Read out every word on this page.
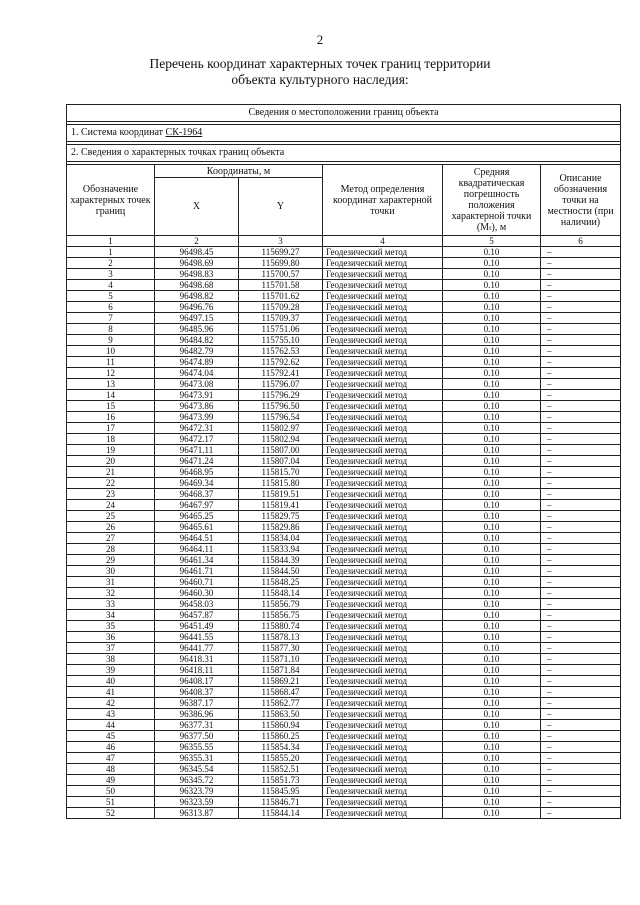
2
Перечень координат характерных точек границ территории
объекта культурного наследия:
Сведения о местоположении границ объекта					

1. Система координат СК-1964					

2. Сведения о характерных точках границ объекта					

Обозначение характерных точек границ	Координаты, м		Метод определения координат характерной точки	Средняя квадратическая погрешность положения характерной точки (Mₜ), м	Описание обозначения точки на местности (при наличии)
	X	Y			
1	2	3	4	5	6
1	96498.45	115699.27	Геодезический метод	0.10	–
2	96498.69	115699.80	Геодезический метод	0.10	–
3	96498.83	115700.57	Геодезический метод	0.10	–
4	96498.68	115701.58	Геодезический метод	0.10	–
5	96498.82	115701.62	Геодезический метод	0.10	–
6	96496.76	115709.28	Геодезический метод	0.10	–
7	96497.15	115709.37	Геодезический метод	0.10	–
8	96485.96	115751.06	Геодезический метод	0.10	–
9	96484.82	115755.10	Геодезический метод	0.10	–
10	96482.79	115762.53	Геодезический метод	0.10	–
11	96474.89	115792.62	Геодезический метод	0.10	–
12	96474.04	115792.41	Геодезический метод	0.10	–
13	96473.08	115796.07	Геодезический метод	0.10	–
14	96473.91	115796.29	Геодезический метод	0.10	–
15	96473.86	115796.50	Геодезический метод	0.10	–
16	96473.99	115796.54	Геодезический метод	0.10	–
17	96472.31	115802.97	Геодезический метод	0.10	–
18	96472.17	115802.94	Геодезический метод	0.10	–
19	96471.11	115807.00	Геодезический метод	0.10	–
20	96471.24	115807.04	Геодезический метод	0.10	–
21	96468.95	115815.70	Геодезический метод	0.10	–
22	96469.34	115815.80	Геодезический метод	0.10	–
23	96468.37	115819.51	Геодезический метод	0.10	–
24	96467.97	115819.41	Геодезический метод	0.10	–
25	96465.25	115829.75	Геодезический метод	0.10	–
26	96465.61	115829.86	Геодезический метод	0.10	–
27	96464.51	115834.04	Геодезический метод	0.10	–
28	96464.11	115833.94	Геодезический метод	0.10	–
29	96461.34	115844.39	Геодезический метод	0.10	–
30	96461.71	115844.50	Геодезический метод	0.10	–
31	96460.71	115848.25	Геодезический метод	0.10	–
32	96460.30	115848.14	Геодезический метод	0.10	–
33	96458.03	115856.79	Геодезический метод	0.10	–
34	96457.87	115856.75	Геодезический метод	0.10	–
35	96451.49	115880.74	Геодезический метод	0.10	–
36	96441.55	115878.13	Геодезический метод	0.10	–
37	96441.77	115877.30	Геодезический метод	0.10	–
38	96418.31	115871.10	Геодезический метод	0.10	–
39	96418.11	115871.84	Геодезический метод	0.10	–
40	96408.17	115869.21	Геодезический метод	0.10	–
41	96408.37	115868.47	Геодезический метод	0.10	–
42	96387.17	115862.77	Геодезический метод	0.10	–
43	96386.96	115863.50	Геодезический метод	0.10	–
44	96377.31	115860.94	Геодезический метод	0.10	–
45	96377.50	115860.25	Геодезический метод	0.10	–
46	96355.55	115854.34	Геодезический метод	0.10	–
47	96355.31	115855.20	Геодезический метод	0.10	–
48	96345.54	115852.51	Геодезический метод	0.10	–
49	96345.72	115851.73	Геодезический метод	0.10	–
50	96323.79	115845.95	Геодезический метод	0.10	–
51	96323.59	115846.71	Геодезический метод	0.10	–
52	96313.87	115844.14	Геодезический метод	0.10	–
